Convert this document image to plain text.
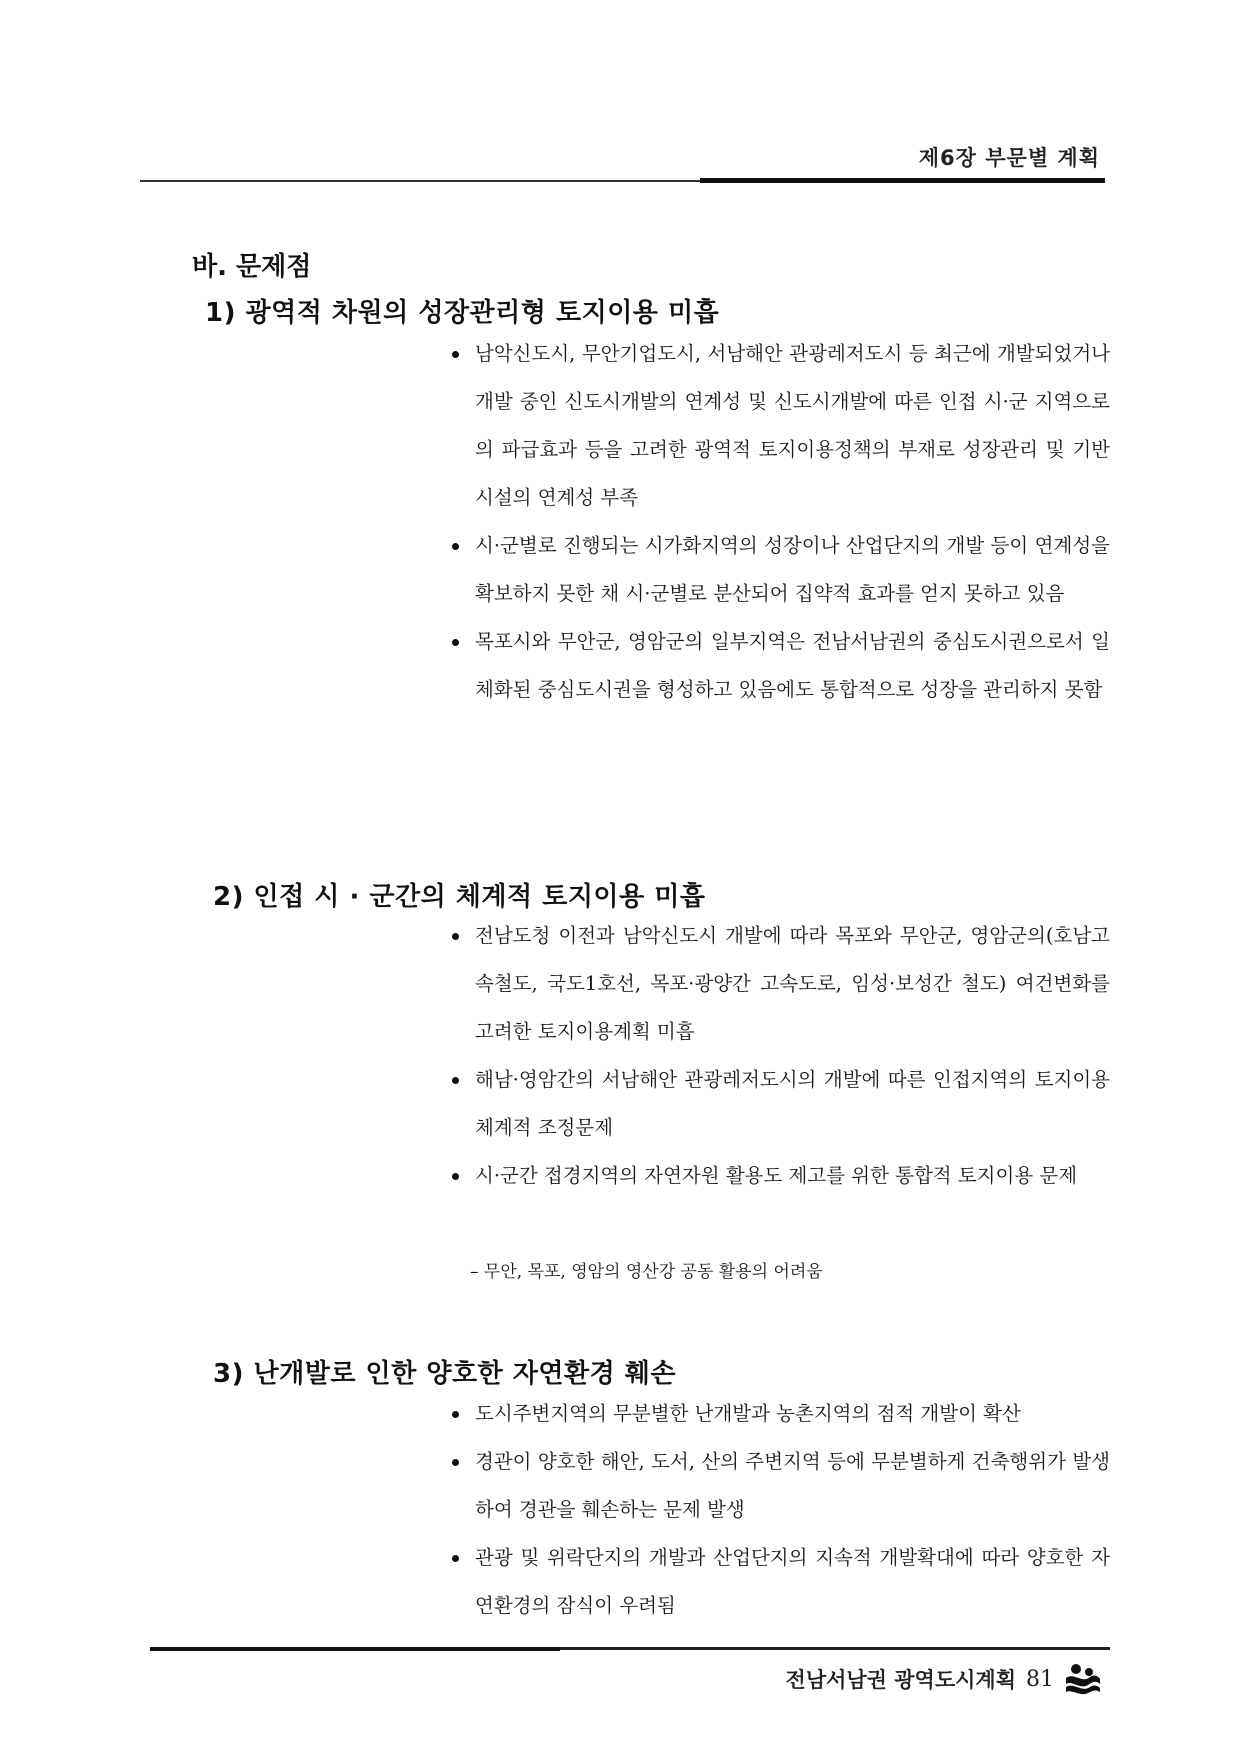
제6장 부문별 계획
바. 문제점
1) 광역적 차원의 성장관리형 토지이용 미흡
남악신도시, 무안기업도시, 서남해안 관광레저도시 등 최근에 개발되었거나 개발 중인 신도시개발의 연계성 및 신도시개발에 따른 인접 시·군 지역으로의 파급효과 등을 고려한 광역적 토지이용정책의 부재로 성장관리 및 기반시설의 연계성 부족
시·군별로 진행되는 시가화지역의 성장이나 산업단지의 개발 등이 연계성을 확보하지 못한 채 시·군별로 분산되어 집약적 효과를 얻지 못하고 있음
목포시와 무안군, 영암군의 일부지역은 전남서남권의 중심도시권으로서 일체화된 중심도시권을 형성하고 있음에도 통합적으로 성장을 관리하지 못함
2) 인접 시 · 군간의 체계적 토지이용 미흡
전남도청 이전과 남악신도시 개발에 따라 목포와 무안군, 영암군의(호남고속철도, 국도1호선, 목포·광양간 고속도로, 임성·보성간 철도) 여건변화를 고려한 토지이용계획 미흡
해남·영암간의 서남해안 관광레저도시의 개발에 따른 인접지역의 토지이용 체계적 조정문제
시·군간 접경지역의 자연자원 활용도 제고를 위한 통합적 토지이용 문제
– 무안, 목포, 영암의 영산강 공동 활용의 어려움
3) 난개발로 인한 양호한 자연환경 훼손
도시주변지역의 무분별한 난개발과 농촌지역의 점적 개발이 확산
경관이 양호한 해안, 도서, 산의 주변지역 등에 무분별하게 건축행위가 발생하여 경관을 훼손하는 문제 발생
관광 및 위락단지의 개발과 산업단지의 지속적 개발확대에 따라 양호한 자연환경의 잠식이 우려됨
전남서남권 광역도시계획 81
